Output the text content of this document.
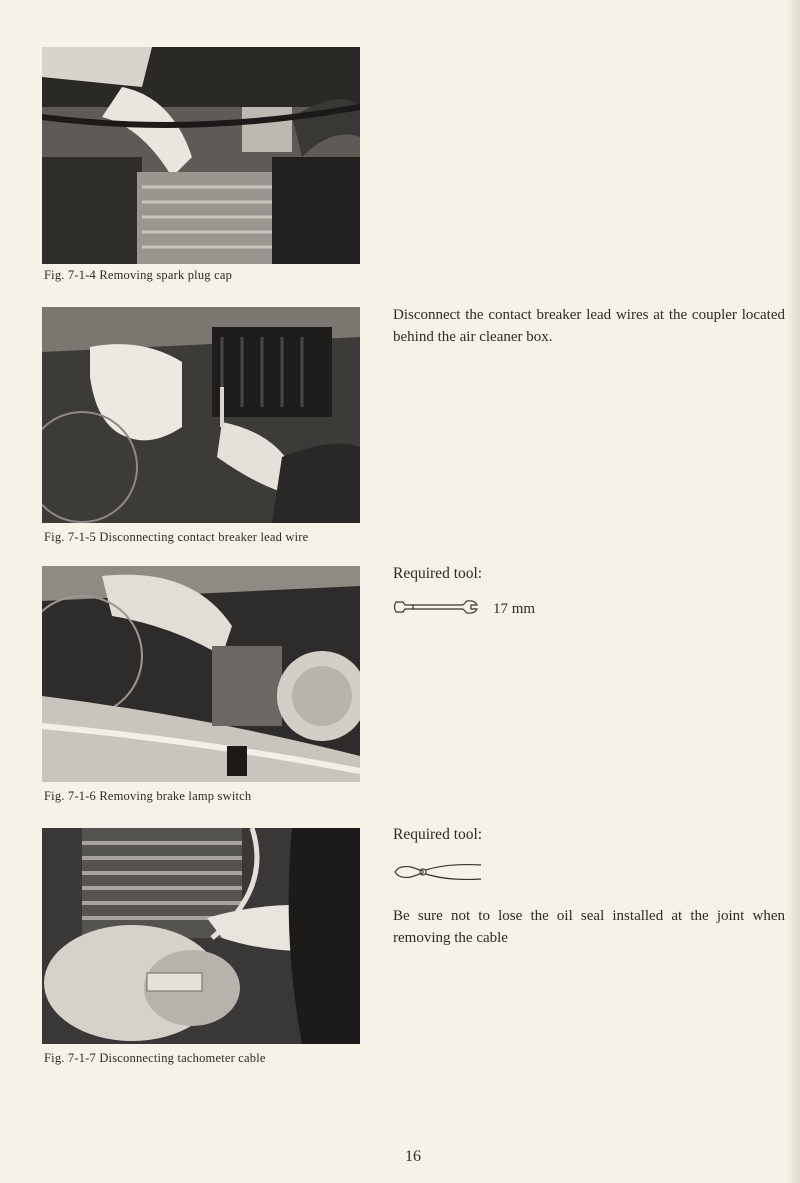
Fig. 7-1-4 Removing spark plug cap
Fig. 7-1-5 Disconnecting contact breaker lead wire
Fig. 7-1-6 Removing brake lamp switch
Fig. 7-1-7 Disconnecting tachometer cable
Disconnect the contact breaker lead wires at the coupler located behind the air cleaner box.
Required tool:
17 mm
Required tool:
Be sure not to lose the oil seal installed at the joint when removing the cable
16
